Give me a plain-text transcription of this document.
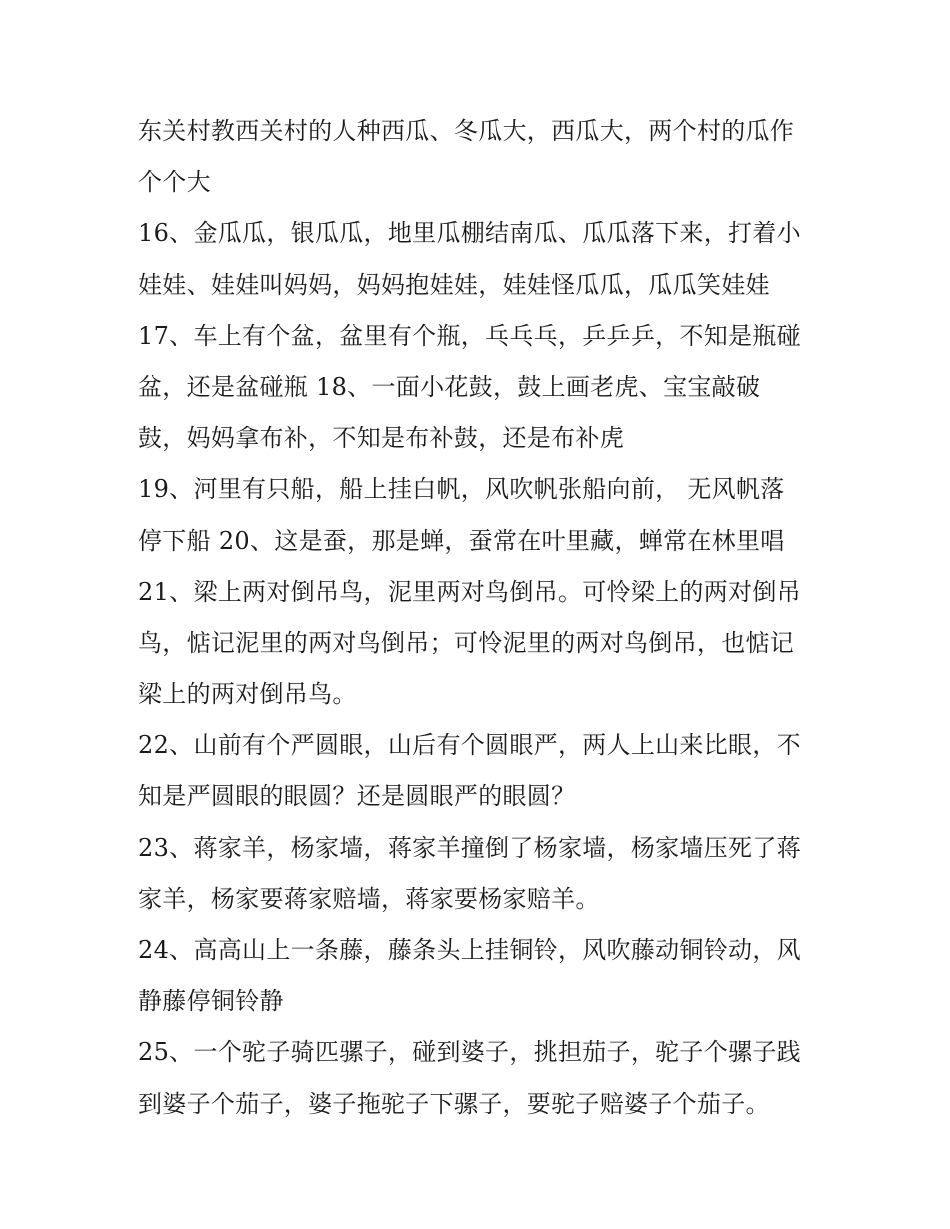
东关村教西关村的人种西瓜、冬瓜大，西瓜大，两个村的瓜作
个个大
16、金瓜瓜，银瓜瓜，地里瓜棚结南瓜、瓜瓜落下来，打着小
娃娃、娃娃叫妈妈，妈妈抱娃娃，娃娃怪瓜瓜，瓜瓜笑娃娃
17、车上有个盆，盆里有个瓶，乓乓乓，乒乒乒，不知是瓶碰
盆，还是盆碰瓶 18、一面小花鼓，鼓上画老虎、宝宝敲破
鼓，妈妈拿布补，不知是布补鼓，还是布补虎
19、河里有只船，船上挂白帆，风吹帆张船向前， 无风帆落
停下船 20、这是蚕，那是蝉，蚕常在叶里藏，蝉常在林里唱
21、梁上两对倒吊鸟，泥里两对鸟倒吊。可怜梁上的两对倒吊
鸟，惦记泥里的两对鸟倒吊；可怜泥里的两对鸟倒吊，也惦记
梁上的两对倒吊鸟。
22、山前有个严圆眼，山后有个圆眼严，两人上山来比眼，不
知是严圆眼的眼圆？还是圆眼严的眼圆？
23、蒋家羊，杨家墙，蒋家羊撞倒了杨家墙，杨家墙压死了蒋
家羊，杨家要蒋家赔墙，蒋家要杨家赔羊。
24、高高山上一条藤，藤条头上挂铜铃，风吹藤动铜铃动，风
静藤停铜铃静
25、一个驼子骑匹骡子，碰到婆子，挑担茄子，驼子个骡子践
到婆子个茄子，婆子拖驼子下骡子，要驼子赔婆子个茄子。
